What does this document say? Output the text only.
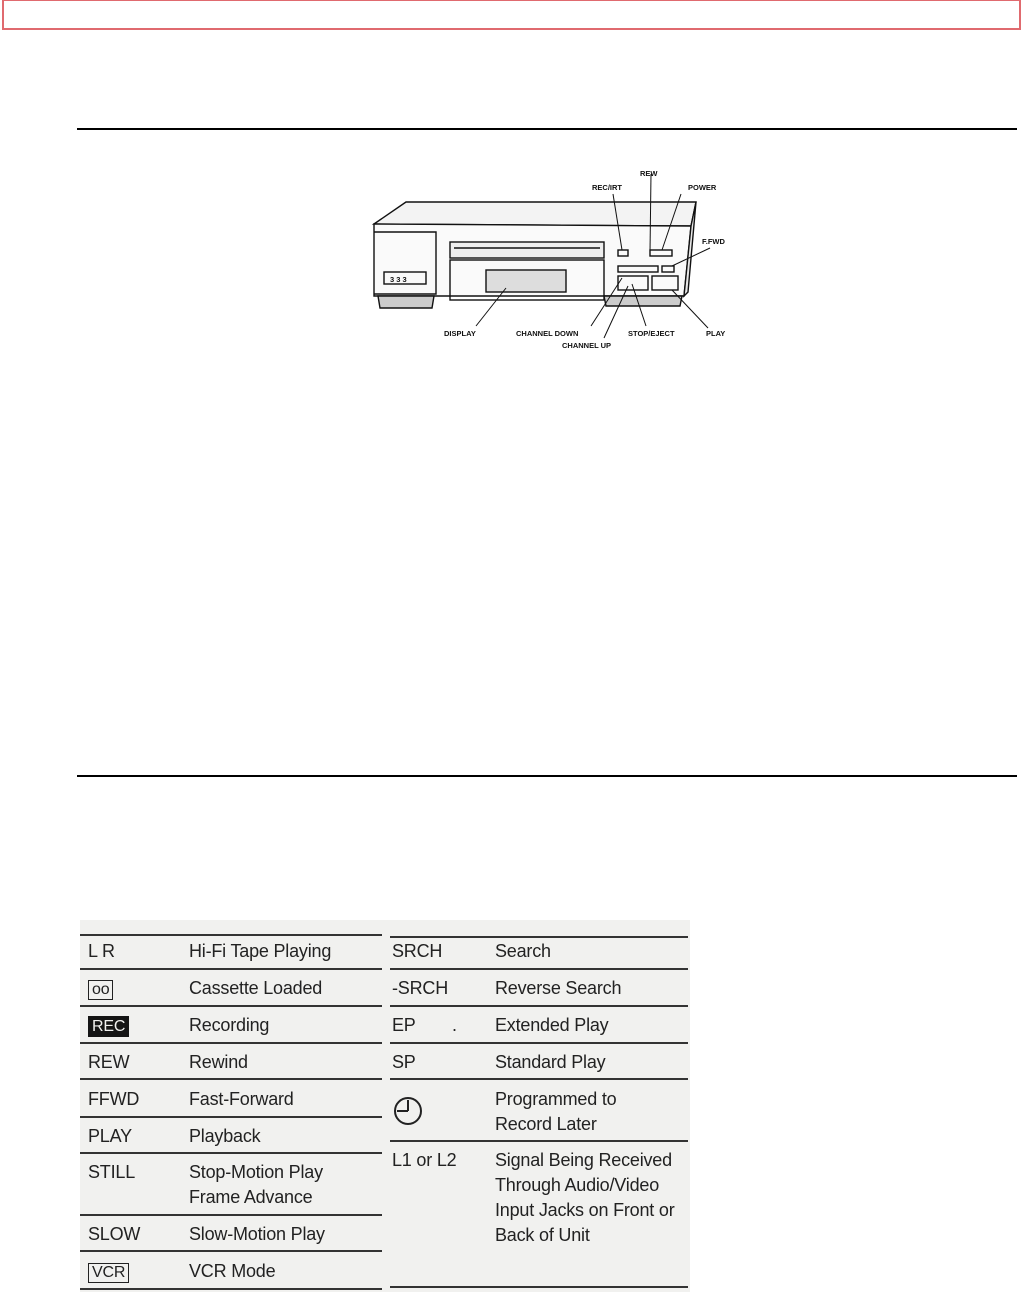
3 3 3
REC/IRT
REW
POWER
F.FWD
DISPLAY	CHANNEL DOWN
CHANNEL UP
STOP/EJECT	PLAY
L R	Hi-Fi Tape Playing
oo	Cassette Loaded
REC	Recording
REW	Rewind
FFWD	Fast-Forward
PLAY	Playback
STILL	Stop-Motion Play
Frame Advance
SLOW	Slow-Motion Play
VCR	VCR Mode
SRCH	Search
-SRCH	Reverse Search
EP . Extended Play
SP	Standard Play
Programmed to
Record Later
L1 or L2 Signal Being Received
Through Audio/Video
Input Jacks on Front or
Back of Unit
